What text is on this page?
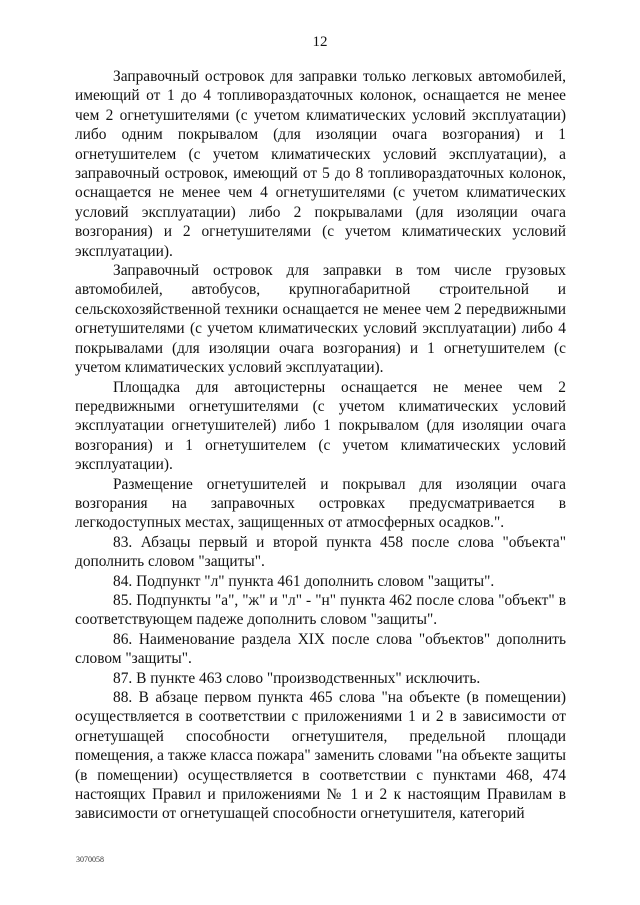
12

Заправочный островок для заправки только легковых автомобилей, имеющий от 1 до 4 топливораздаточных колонок, оснащается не менее чем 2 огнетушителями (с учетом климатических условий эксплуатации) либо одним покрывалом (для изоляции очага возгорания) и 1 огнетушителем (с учетом климатических условий эксплуатации), а заправочный островок, имеющий от 5 до 8 топливораздаточных колонок, оснащается не менее чем 4 огнетушителями (с учетом климатических условий эксплуатации) либо 2 покрывалами (для изоляции очага возгорания) и 2 огнетушителями (с учетом климатических условий эксплуатации).

Заправочный островок для заправки в том числе грузовых автомобилей, автобусов, крупногабаритной строительной и сельскохозяйственной техники оснащается не менее чем 2 передвижными огнетушителями (с учетом климатических условий эксплуатации) либо 4 покрывалами (для изоляции очага возгорания) и 1 огнетушителем (с учетом климатических условий эксплуатации).

Площадка для автоцистерны оснащается не менее чем 2 передвижными огнетушителями (с учетом климатических условий эксплуатации огнетушителей) либо 1 покрывалом (для изоляции очага возгорания) и 1 огнетушителем (с учетом климатических условий эксплуатации).

Размещение огнетушителей и покрывал для изоляции очага возгорания на заправочных островках предусматривается в легкодоступных местах, защищенных от атмосферных осадков.".

83. Абзацы первый и второй пункта 458 после слова "объекта" дополнить словом "защиты".

84. Подпункт "л" пункта 461 дополнить словом "защиты".

85. Подпункты "а", "ж" и "л" - "н" пункта 462 после слова "объект" в соответствующем падеже дополнить словом "защиты".

86. Наименование раздела XIX после слова "объектов" дополнить словом "защиты".

87. В пункте 463 слово "производственных" исключить.

88. В абзаце первом пункта 465 слова "на объекте (в помещении) осуществляется в соответствии с приложениями 1 и 2 в зависимости от огнетушащей способности огнетушителя, предельной площади помещения, а также класса пожара" заменить словами "на объекте защиты (в помещении) осуществляется в соответствии с пунктами 468, 474 настоящих Правил и приложениями № 1 и 2 к настоящим Правилам в зависимости от огнетушащей способности огнетушителя, категорий

3070058
